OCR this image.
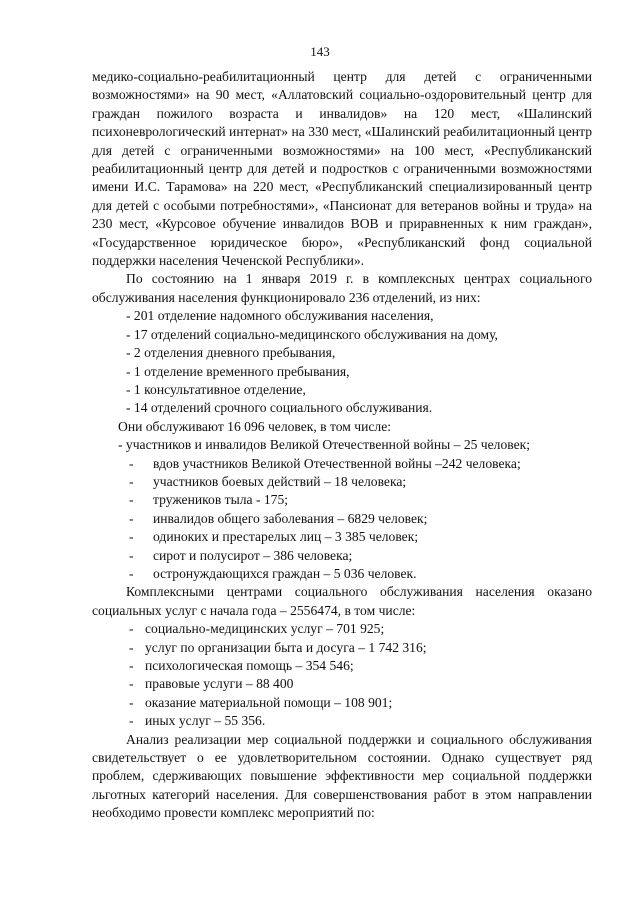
143

медико-социально-реабилитационный центр для детей с ограниченными возможностями» на 90 мест, «Аллатовский социально-оздоровительный центр для граждан пожилого возраста и инвалидов» на 120 мест, «Шалинский психоневрологический интернат» на 330 мест, «Шалинский реабилитационный центр для детей с ограниченными возможностями» на 100 мест, «Республиканский реабилитационный центр для детей и подростков с ограниченными возможностями имени И.С. Тарамова» на 220 мест, «Республиканский специализированный центр для детей с особыми потребностями», «Пансионат для ветеранов войны и труда» на 230 мест, «Курсовое обучение инвалидов ВОВ и приравненных к ним граждан», «Государственное юридическое бюро», «Республиканский фонд социальной поддержки населения Чеченской Республики».

По состоянию на 1 января 2019 г. в комплексных центрах социального обслуживания населения функционировало 236 отделений, из них:

- 201 отделение надомного обслуживания населения,
- 17 отделений социально-медицинского обслуживания на дому,
- 2 отделения дневного пребывания,
- 1 отделение временного пребывания,
- 1 консультативное отделение,
- 14 отделений срочного социального обслуживания.

Они обслуживают 16 096 человек, в том числе:

- участников и инвалидов Великой Отечественной войны – 25 человек;
- вдов участников Великой Отечественной войны –242 человека;
- участников боевых действий – 18 человека;
- тружеников тыла - 175;
- инвалидов общего заболевания – 6829 человек;
- одиноких и престарелых лиц – 3 385 человек;
- сирот и полусирот – 386 человека;
- остронуждающихся граждан – 5 036 человек.

Комплексными центрами социального обслуживания населения оказано социальных услуг с начала года – 2556474, в том числе:

- социально-медицинских услуг – 701 925;
- услуг по организации быта и досуга – 1 742 316;
- психологическая помощь – 354 546;
- правовые услуги – 88 400
- оказание материальной помощи – 108 901;
- иных услуг – 55 356.

Анализ реализации мер социальной поддержки и социального обслуживания свидетельствует о ее удовлетворительном состоянии. Однако существует ряд проблем, сдерживающих повышение эффективности мер социальной поддержки льготных категорий населения. Для совершенствования работ в этом направлении необходимо провести комплекс мероприятий по:
